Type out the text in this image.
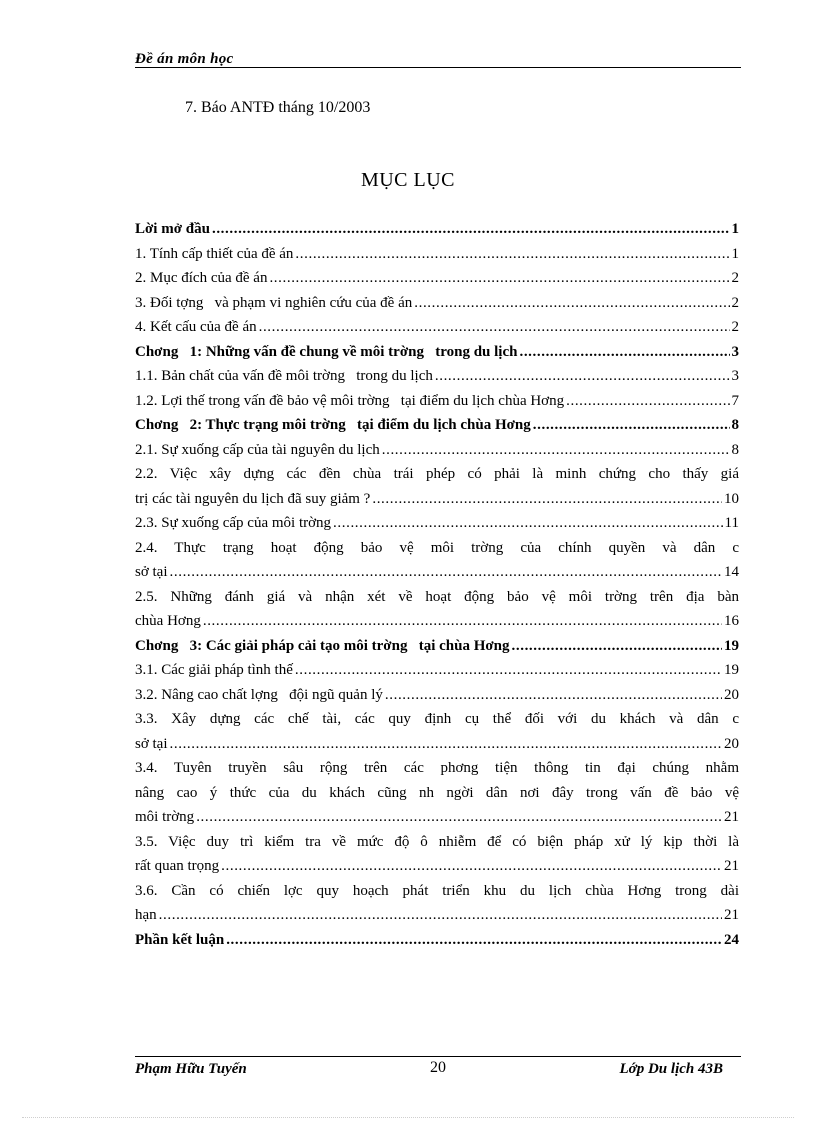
Đề án môn học
7. Báo ANTĐ tháng 10/2003
MỤC LỤC
Lời mở đầu .....	1
1. Tính cấp thiết của đề án .....	1
2. Mục đích của đề án .....	2
3. Đối tợng   và phạm vi nghiên cứu của đề án .....	2
4. Kết cấu của đề án .....	2
Chơng   1: Những vấn đề chung về môi trờng   trong du lịch .....	3
1.1. Bản chất của vấn đề môi trờng   trong du lịch .....	3
1.2. Lợi thế trong vấn đề bảo vệ môi trờng   tại điểm du lịch chùa Hơng .....	7
Chơng   2: Thực trạng môi trờng   tại điểm du lịch chùa Hơng .....	8
2.1. Sự xuống cấp của tài nguyên du lịch .....	8
2.2. Việc xây dựng các đền chùa trái phép có phải là minh chứng cho thấy giá
trị các tài nguyên du lịch đã suy giảm ? .....	10
2.3. Sự xuống cấp của môi trờng .....	11
2.4. Thực trạng hoạt động bảo vệ môi trờng của chính quyền và dân c
sở tại .....	14
2.5. Những đánh giá và nhận xét về hoạt động bảo vệ môi trờng trên địa bàn
chùa Hơng .....	16
Chơng   3: Các giải pháp cải tạo môi trờng   tại chùa Hơng .....	19
3.1. Các giải pháp tình thế .....	19
3.2. Nâng cao chất lợng   đội ngũ quản lý .....	20
3.3. Xây dựng các chế tài, các quy định cụ thể đối với du khách và dân c
sở tại .....	20
3.4. Tuyên truyền sâu rộng trên các phơng tiện thông tin đại chúng nhằm
nâng cao ý thức của du khách cũng nh ngời dân nơi đây trong vấn đề bảo vệ
môi trờng .....	21
3.5. Việc duy trì kiểm tra về mức độ ô nhiễm để có biện pháp xử lý kịp thời là
rất quan trọng .....	21
3.6. Cần có chiến lợc quy hoạch phát triển khu du lịch chùa Hơng trong dài
hạn .....	21
Phần kết luận .....	24
Phạm Hữu Tuyến	20	Lớp Du lịch 43B
